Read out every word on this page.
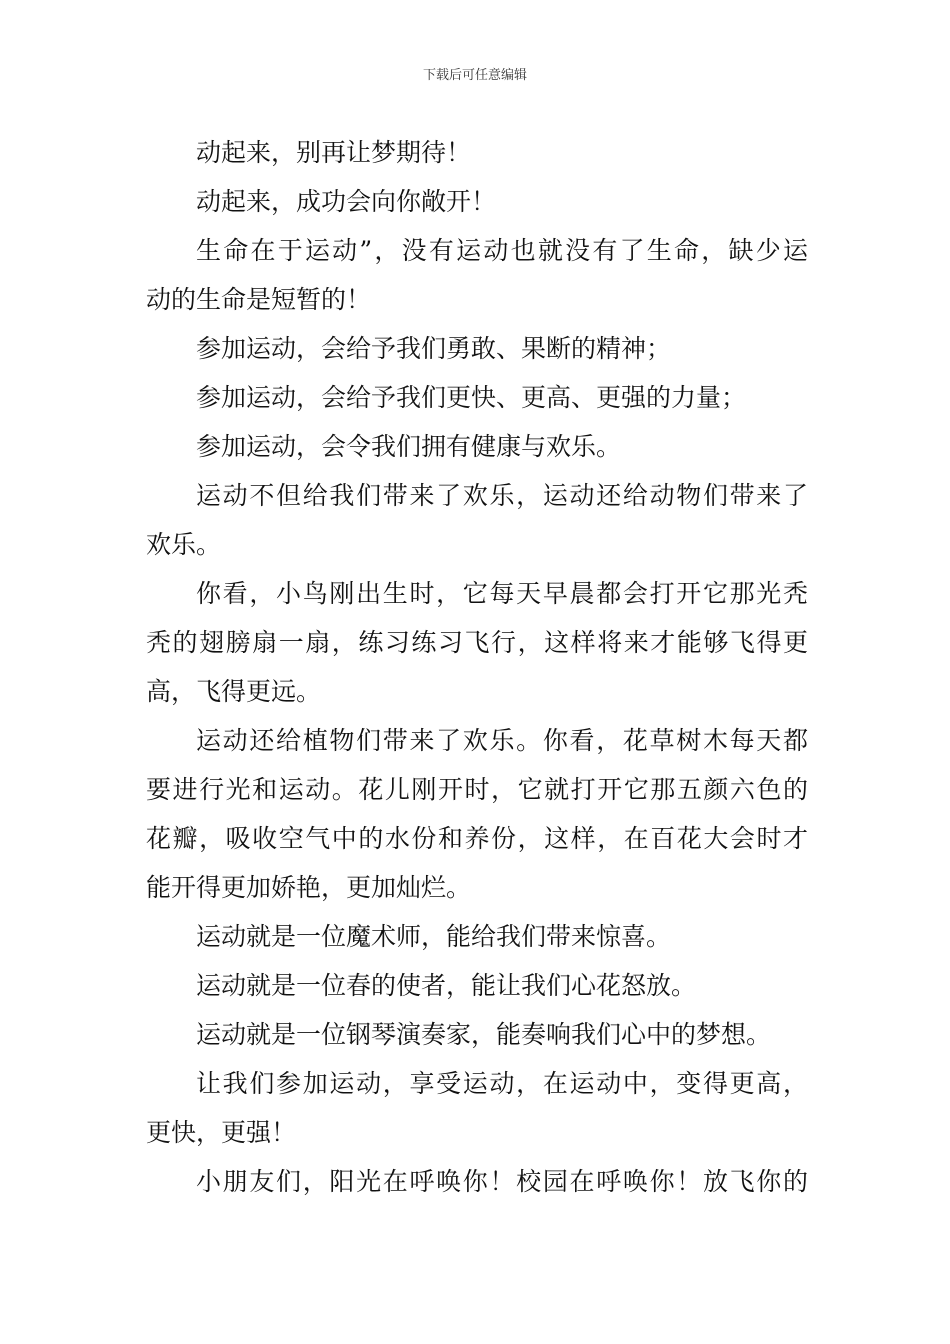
下载后可任意编辑
动起来，别再让梦期待！
动起来，成功会向你敞开！
生命在于运动”，没有运动也就没有了生命，缺少运
动的生命是短暂的！
参加运动，会给予我们勇敢、果断的精神；
参加运动，会给予我们更快、更高、更强的力量；
参加运动，会令我们拥有健康与欢乐。
运动不但给我们带来了欢乐，运动还给动物们带来了
欢乐。
你看，小鸟刚出生时，它每天早晨都会打开它那光秃
秃的翅膀扇一扇，练习练习飞行，这样将来才能够飞得更
高，飞得更远。
运动还给植物们带来了欢乐。你看，花草树木每天都
要进行光和运动。花儿刚开时，它就打开它那五颜六色的
花瓣，吸收空气中的水份和养份，这样，在百花大会时才
能开得更加娇艳，更加灿烂。
运动就是一位魔术师，能给我们带来惊喜。
运动就是一位春的使者，能让我们心花怒放。
运动就是一位钢琴演奏家，能奏响我们心中的梦想。
让我们参加运动，享受运动，在运动中，变得更高，
更快，更强！
小朋友们，阳光在呼唤你！校园在呼唤你！放飞你的
